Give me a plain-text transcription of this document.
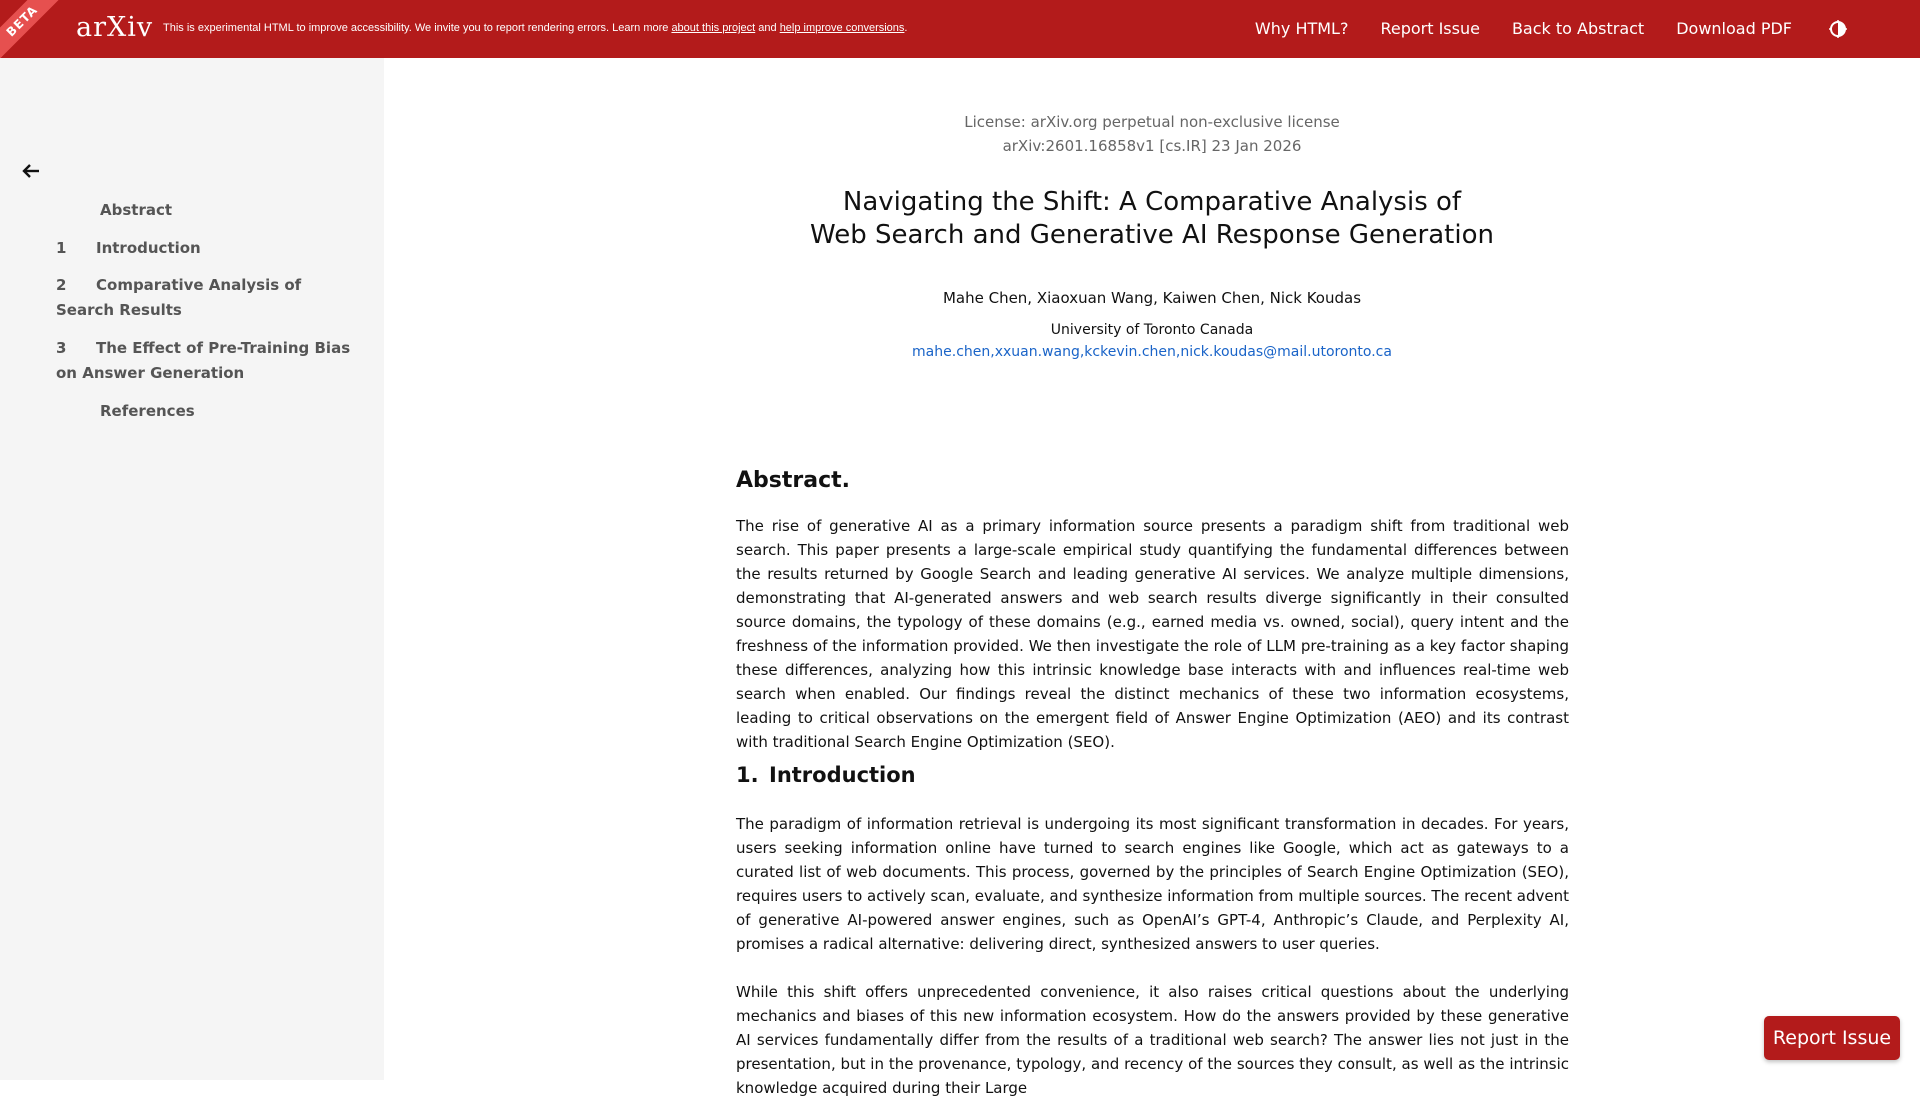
BETA	arXiv This is experimental HTML to improve accessibility. We invite you to report rendering errors. Learn more about this project and help improve conversions.	Why HTML? Report Issue Back to Abstract Download PDF
Abstract
1 Introduction
2 Comparative Analysis of Search Results
3 The Effect of Pre-Training Bias on Answer Generation
References
License: arXiv.org perpetual non-exclusive license
arXiv:2601.16858v1 [cs.IR] 23 Jan 2026
Navigating the Shift: A Comparative Analysis of
Web Search and Generative AI Response Generation
Mahe Chen, Xiaoxuan Wang, Kaiwen Chen, Nick Koudas
University of Toronto Canada
mahe.chen,xxuan.wang,kckevin.chen,nick.koudas@mail.utoronto.ca
Abstract.
The rise of generative AI as a primary information source presents a paradigm shift from traditional web search. This paper presents a large-scale empirical study quantifying the fundamental differences between the results returned by Google Search and leading generative AI services. We analyze multiple dimensions, demonstrating that AI-generated answers and web search results diverge significantly in their consulted source domains, the typology of these domains (e.g., earned media vs. owned, social), query intent and the freshness of the information provided. We then investigate the role of LLM pre-training as a key factor shaping these differences, analyzing how this intrinsic knowledge base interacts with and influences real-time web search when enabled. Our findings reveal the distinct mechanics of these two information ecosystems, leading to critical observations on the emergent field of Answer Engine Optimization (AEO) and its contrast with traditional Search Engine Optimization (SEO).
1. Introduction
The paradigm of information retrieval is undergoing its most significant transformation in decades. For years, users seeking information online have turned to search engines like Google, which act as gateways to a curated list of web documents. This process, governed by the principles of Search Engine Optimization (SEO), requires users to actively scan, evaluate, and synthesize information from multiple sources. The recent advent of generative AI-powered answer engines, such as OpenAI’s GPT-4, Anthropic’s Claude, and Perplexity AI, promises a radical alternative: delivering direct, synthesized answers to user queries.
While this shift offers unprecedented convenience, it also raises critical questions about the underlying mechanics and biases of this new information ecosystem. How do the answers provided by these generative AI services fundamentally differ from the results of a traditional web search? The answer lies not just in the presentation, but in the provenance, typology, and recency of the sources they consult, as well as the intrinsic knowledge acquired during their Large
Report Issue
